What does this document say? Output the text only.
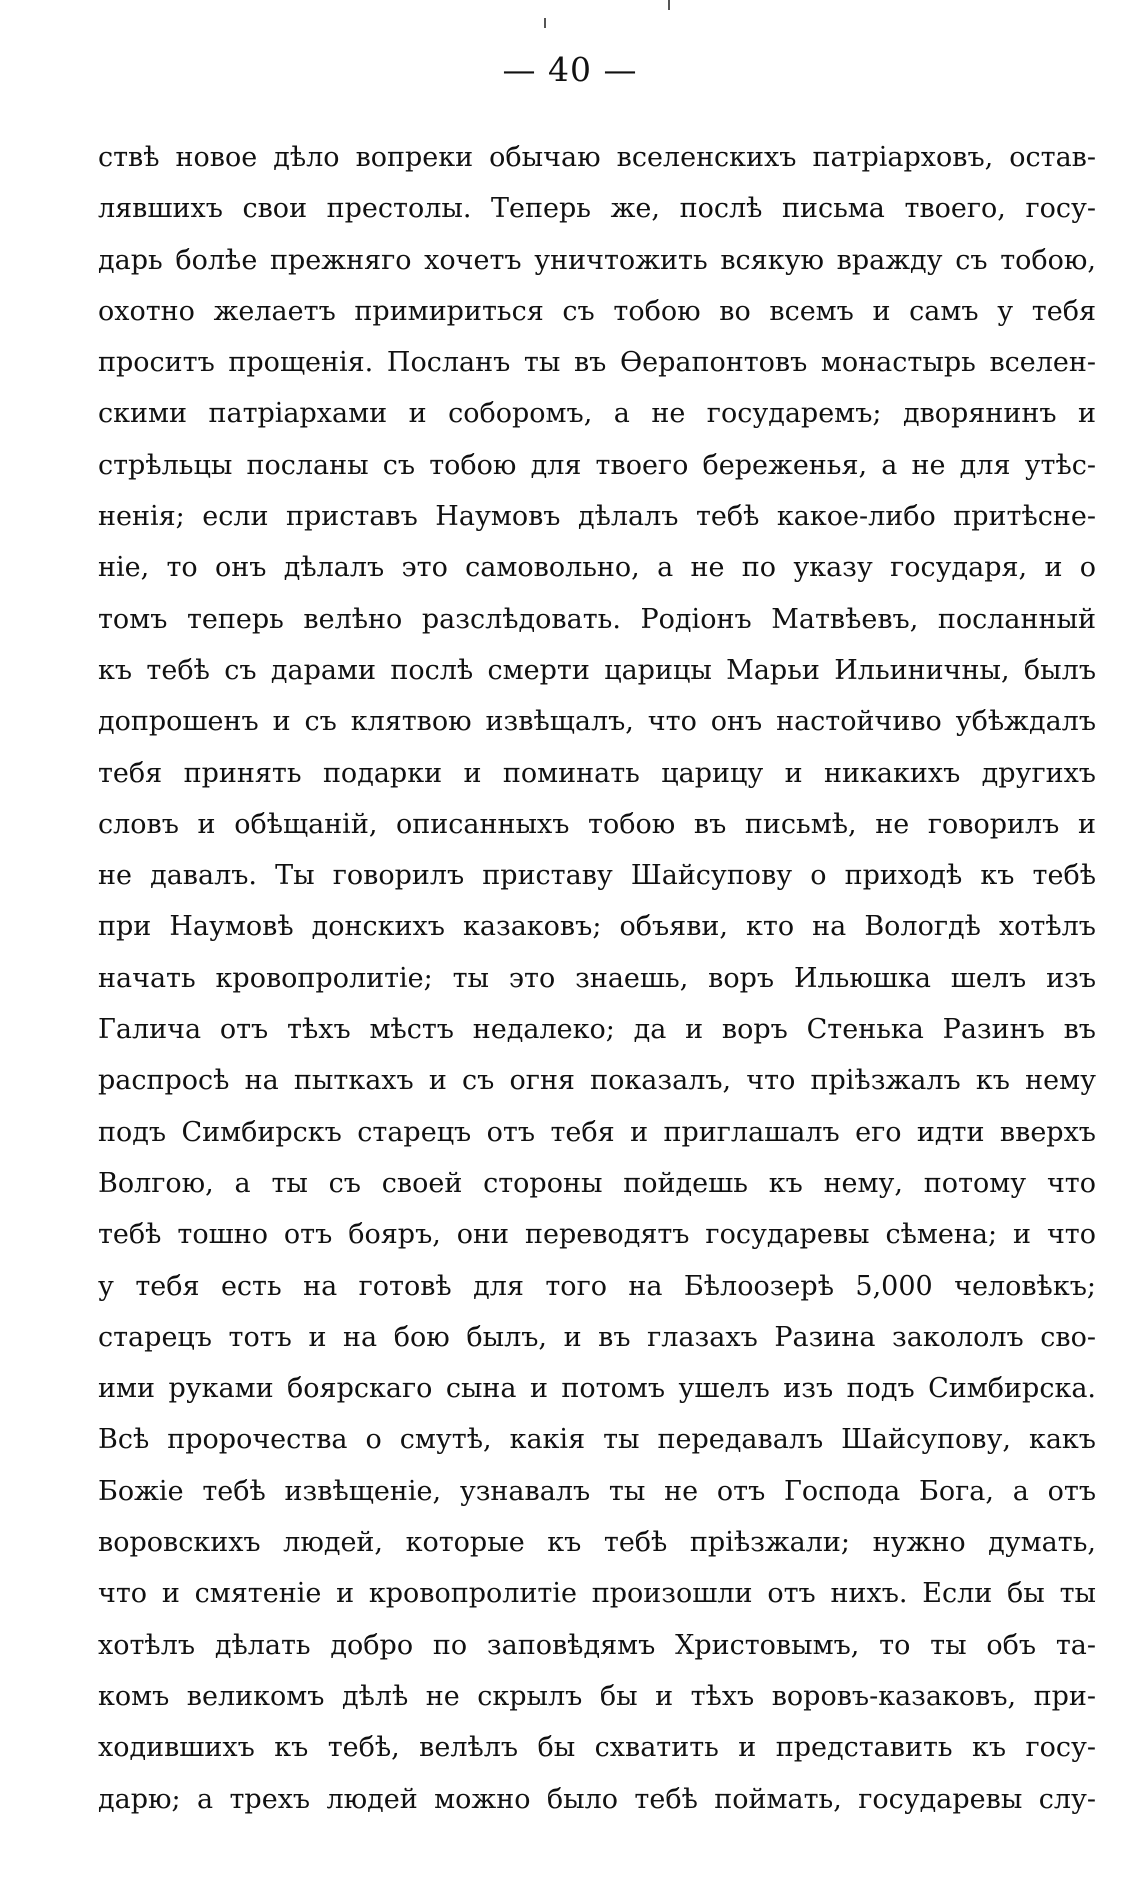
— 40 —
ствѣ новое дѣло вопреки обычаю вселенскихъ патріарховъ, остав-
лявшихъ свои престолы. Теперь же, послѣ письма твоего, госу-
дарь болѣе прежняго хочетъ уничтожить всякую вражду съ тобою,
охотно желаетъ примириться съ тобою во всемъ и самъ у тебя
проситъ прощенія. Посланъ ты въ Ѳерапонтовъ монастырь вселен-
скими патріархами и соборомъ, а не государемъ; дворянинъ и
стрѣльцы посланы съ тобою для твоего береженья, а не для утѣс-
ненія; если приставъ Наумовъ дѣлалъ тебѣ какое-либо притѣсне-
ніе, то онъ дѣлалъ это самовольно, а не по указу государя, и о
томъ теперь велѣно разслѣдовать. Родіонъ Матвѣевъ, посланный
къ тебѣ съ дарами послѣ смерти царицы Марьи Ильиничны, былъ
допрошенъ и съ клятвою извѣщалъ, что онъ настойчиво убѣждалъ
тебя принять подарки и поминать царицу и никакихъ другихъ
словъ и обѣщаній, описанныхъ тобою въ письмѣ, не говорилъ и
не давалъ. Ты говорилъ приставу Шайсупову о приходѣ къ тебѣ
при Наумовѣ донскихъ казаковъ; объяви, кто на Вологдѣ хотѣлъ
начать кровопролитіе; ты это знаешь, воръ Ильюшка шелъ изъ
Галича отъ тѣхъ мѣстъ недалеко; да и воръ Стенька Разинъ въ
распросѣ на пыткахъ и съ огня показалъ, что пріѣзжалъ къ нему
подъ Симбирскъ старецъ отъ тебя и приглашалъ его идти вверхъ
Волгою, а ты съ своей стороны пойдешь къ нему, потому что
тебѣ тошно отъ бояръ, они переводятъ государевы сѣмена; и что
у тебя есть на готовѣ для того на Бѣлоозерѣ 5,000 человѣкъ;
старецъ тотъ и на бою былъ, и въ глазахъ Разина закололъ сво-
ими руками боярскаго сына и потомъ ушелъ изъ подъ Симбирска.
Всѣ пророчества о смутѣ, какія ты передавалъ Шайсупову, какъ
Божіе тебѣ извѣщеніе, узнавалъ ты не отъ Господа Бога, а отъ
воровскихъ людей, которые къ тебѣ пріѣзжали; нужно думать,
что и смятеніе и кровопролитіе произошли отъ нихъ. Если бы ты
хотѣлъ дѣлать добро по заповѣдямъ Христовымъ, то ты объ та-
комъ великомъ дѣлѣ не скрылъ бы и тѣхъ воровъ-казаковъ, при-
ходившихъ къ тебѣ, велѣлъ бы схватить и представить къ госу-
дарю; а трехъ людей можно было тебѣ поймать, государевы слу-
